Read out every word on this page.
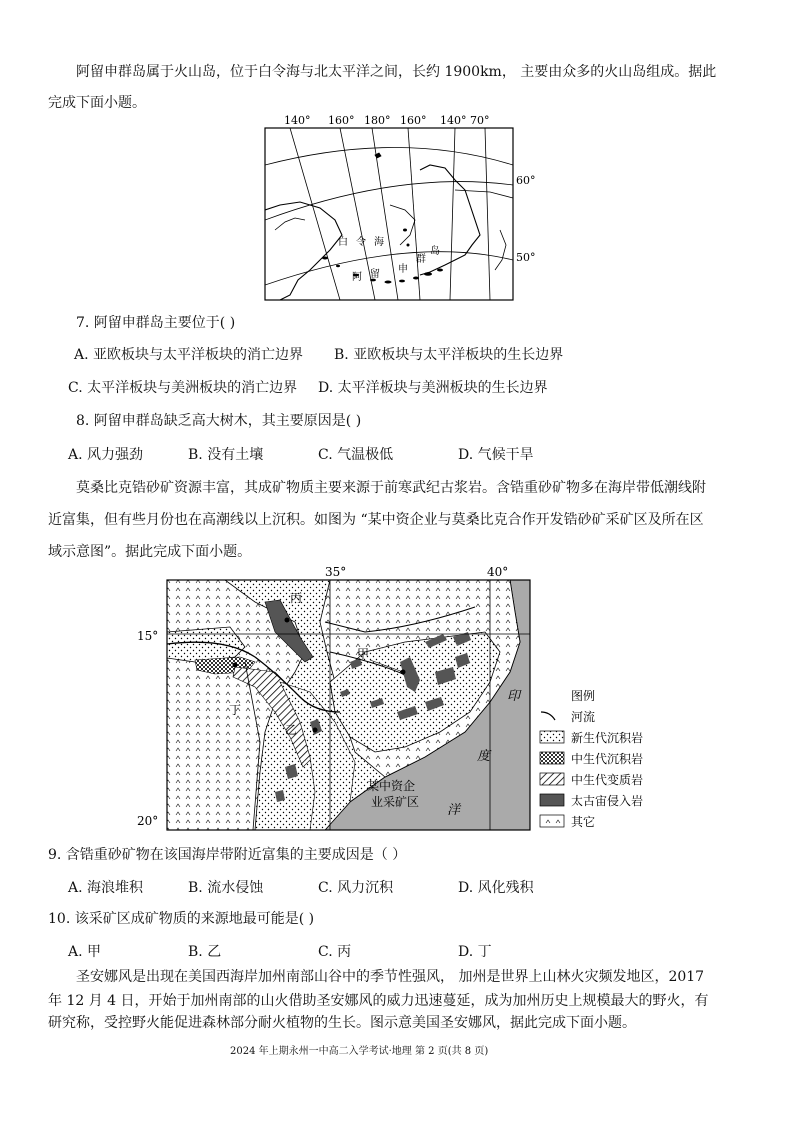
阿留申群岛属于火山岛，位于白令海与北太平洋之间，长约 1900km， 主要由众多的火山岛组成。据此
完成下面小题。
140° 160° 180° 160° 140° 70°
60°
50°
白 令 海
阿 留 申
群
岛
7. 阿留申群岛主要位于( )
A. 亚欧板块与太平洋板块的消亡边界 B. 亚欧板块与太平洋板块的生长边界
C. 太平洋板块与美洲板块的消亡边界 D. 太平洋板块与美洲板块的生长边界
8. 阿留申群岛缺乏高大树木，其主要原因是( )
A. 风力强劲	B. 没有土壤	C. 气温极低	D. 气候干旱
莫桑比克锆砂矿资源丰富，其成矿物质主要来源于前寒武纪古浆岩。含锆重砂矿物多在海岸带低潮线附
近富集，但有些月份也在高潮线以上沉积。如图为 “某中资企业与莫桑比克合作开发锆砂矿采矿区及所在区
域示意图”。据此完成下面小题。
35°	40°
15°
20°
丙
甲
丁
乙
印
度
洋
某中资企
业采矿区
图例
河流
新生代沉积岩
中生代沉积岩
中生代变质岩
太古宙侵入岩
其它
9. 含锆重砂矿物在该国海岸带附近富集的主要成因是（ ）
A. 海浪堆积	B. 流水侵蚀	C. 风力沉积	D. 风化残积
10. 该采矿区成矿物质的来源地最可能是( )
A. 甲	B. 乙	C. 丙	D. 丁
圣安娜风是出现在美国西海岸加州南部山谷中的季节性强风， 加州是世界上山林火灾频发地区，2017
年 12 月 4 日，开始于加州南部的山火借助圣安娜风的威力迅速蔓延，成为加州历史上规模最大的野火，有
研究称，受控野火能促进森林部分耐火植物的生长。图示意美国圣安娜风，据此完成下面小题。
2024 年上期永州一中高二入学考试·地理 第 2 页(共 8 页)
